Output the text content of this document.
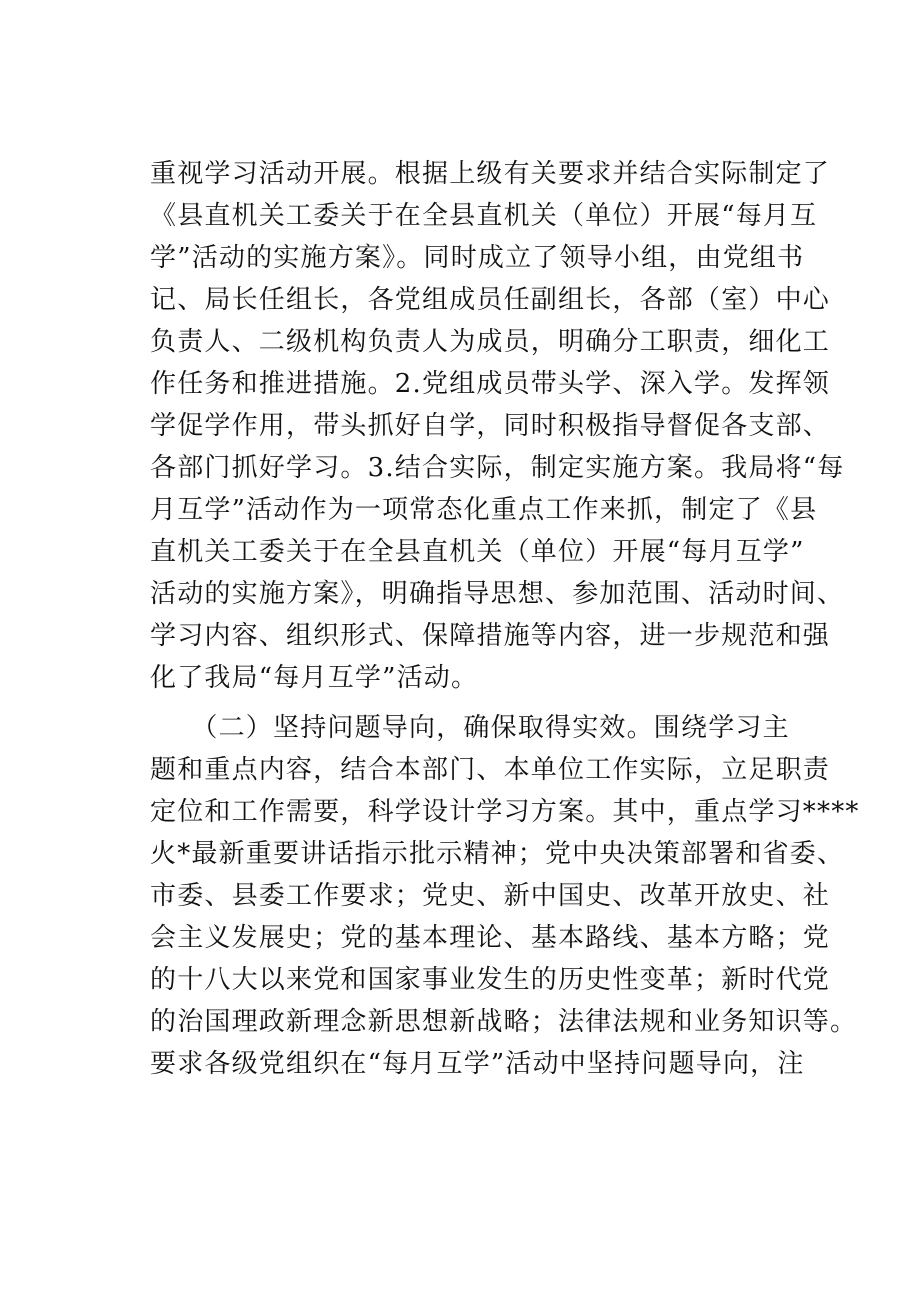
重视学习活动开展。根据上级有关要求并结合实际制定了
《县直机关工委关于在全县直机关（单位）开展“每月互
学”活动的实施方案》。同时成立了领导小组，由党组书
记、局长任组长，各党组成员任副组长，各部（室）中心
负责人、二级机构负责人为成员，明确分工职责，细化工
作任务和推进措施。2.党组成员带头学、深入学。发挥领
学促学作用，带头抓好自学，同时积极指导督促各支部、
各部门抓好学习。3.结合实际，制定实施方案。我局将“每
月互学”活动作为一项常态化重点工作来抓，制定了《县
直机关工委关于在全县直机关（单位）开展“每月互学”
活动的实施方案》，明确指导思想、参加范围、活动时间、
学习内容、组织形式、保障措施等内容，进一步规范和强
化了我局“每月互学”活动。
　　（二）坚持问题导向，确保取得实效。围绕学习主
题和重点内容，结合本部门、本单位工作实际，立足职责
定位和工作需要，科学设计学习方案。其中，重点学习****
火*最新重要讲话指示批示精神；党中央决策部署和省委、
市委、县委工作要求；党史、新中国史、改革开放史、社
会主义发展史；党的基本理论、基本路线、基本方略；党
的十八大以来党和国家事业发生的历史性变革；新时代党
的治国理政新理念新思想新战略；法律法规和业务知识等。
要求各级党组织在“每月互学”活动中坚持问题导向，注
